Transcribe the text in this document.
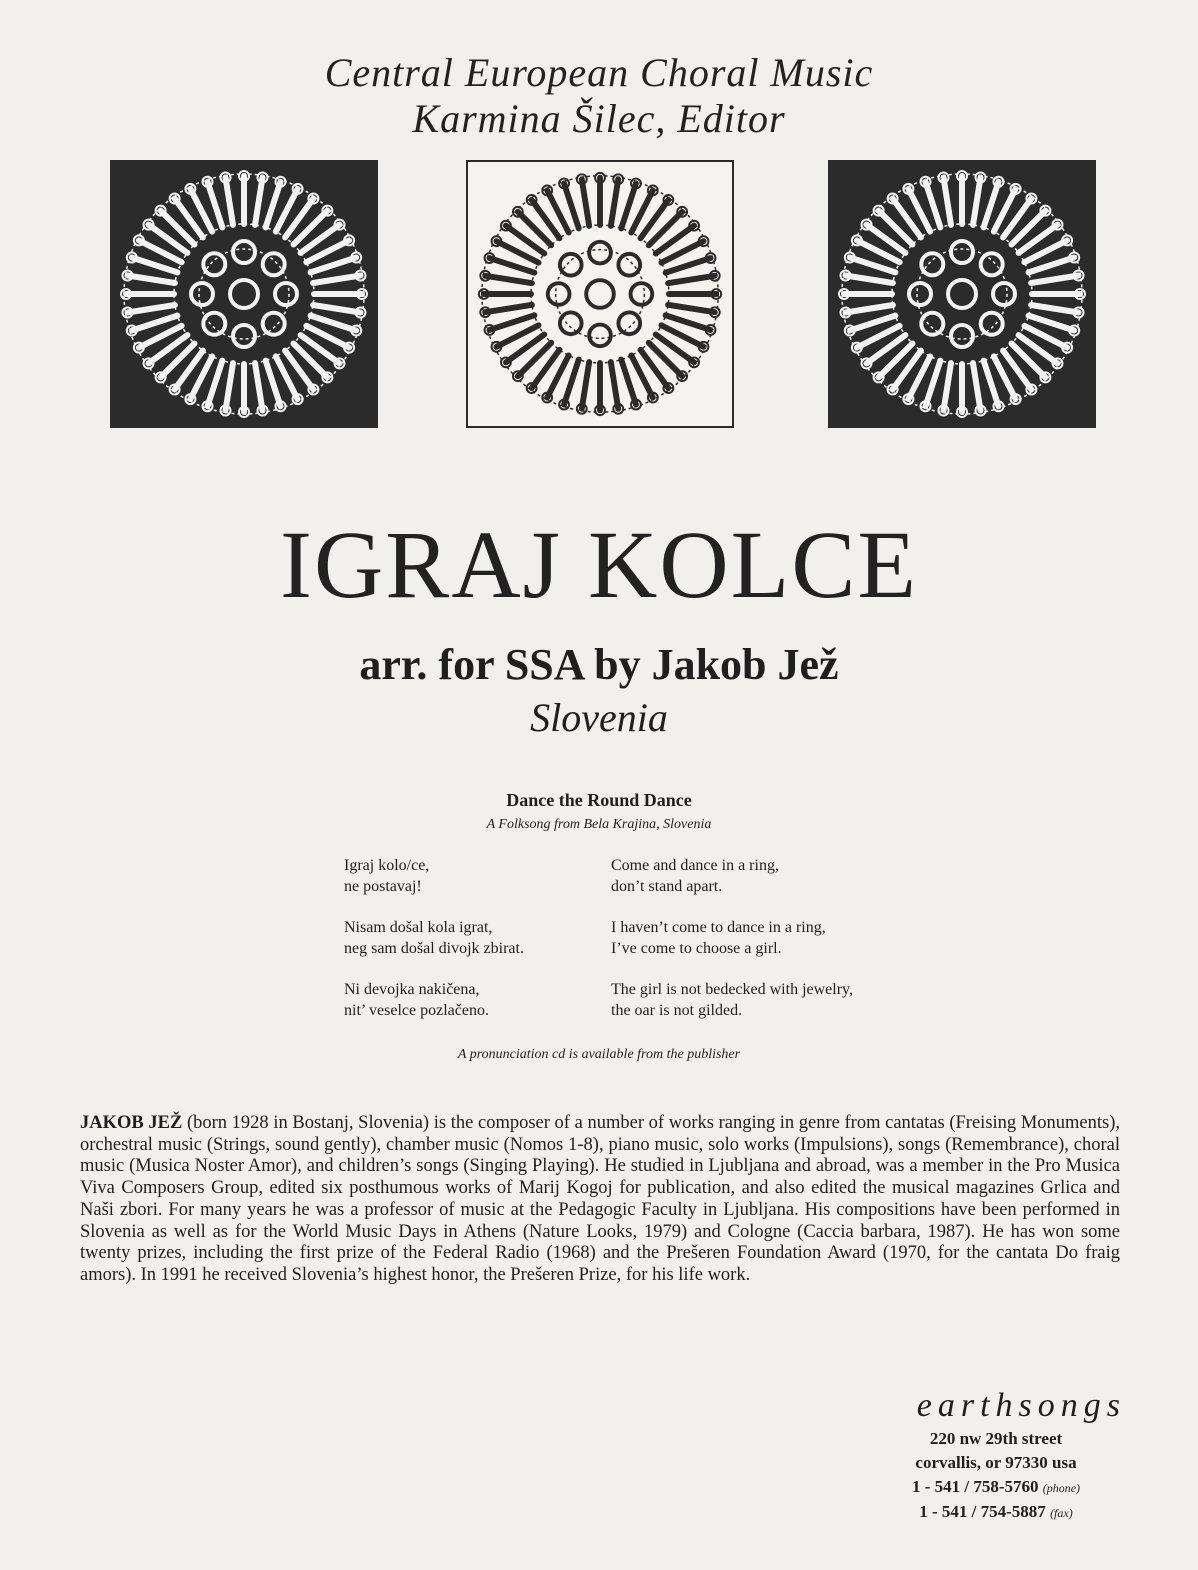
Central European Choral Music
Karmina Šilec, Editor
IGRAJ KOLCE
arr. for SSA by Jakob Jež
Slovenia
Dance the Round Dance
A Folksong from Bela Krajina, Slovenia
Igraj kolo/ce,
ne postavaj!
Nisam došal kola igrat,
neg sam došal divojk zbirat.
Ni devojka nakičena,
nit’ veselce pozlačeno.
Come and dance in a ring,
don’t stand apart.
I haven’t come to dance in a ring,
I’ve come to choose a girl.
The girl is not bedecked with jewelry,
the oar is not gilded.
A pronunciation cd is available from the publisher
JAKOB JEŽ (born 1928 in Bostanj, Slovenia) is the composer of a number of works ranging in genre from cantatas (Freising Monuments), orchestral music (Strings, sound gently), chamber music (Nomos 1-8), piano music, solo works (Impulsions), songs (Remembrance), choral music (Musica Noster Amor), and children’s songs (Singing Playing). He studied in Ljubljana and abroad, was a member in the Pro Musica Viva Composers Group, edited six posthumous works of Marij Kogoj for publication, and also edited the musical magazines Grlica and Naši zbori. For many years he was a professor of music at the Pedagogic Faculty in Ljubljana. His compositions have been performed in Slovenia as well as for the World Music Days in Athens (Nature Looks, 1979) and Cologne (Caccia barbara, 1987). He has won some twenty prizes, including the first prize of the Federal Radio (1968) and the Prešeren Foundation Award (1970, for the cantata Do fraig amors). In 1991 he received Slovenia’s highest honor, the Prešeren Prize, for his life work.
earthsongs
220 nw 29th street
corvallis, or 97330 usa
1 - 541 / 758-5760 (phone)
1 - 541 / 754-5887 (fax)
